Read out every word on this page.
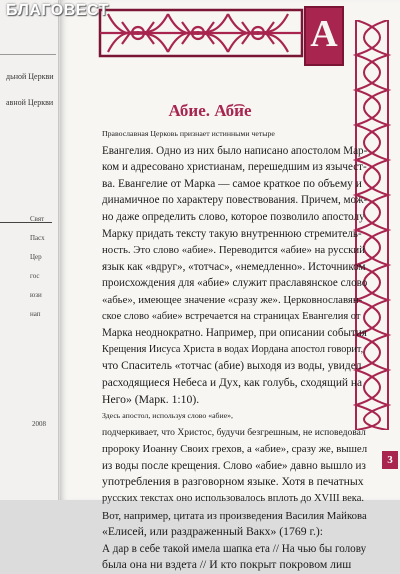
дьной Церкви
авной Церкви
Свят
Пасх
Цер
гос
юзи
нап
2008
А
Абие. Аб͡ие

Православная Церковь признает истинными четыре
Евангелия. Одно из них было написано апостолом Мар-
ком и адресовано христианам, перешедшим из язычест-
ва. Евангелие от Марка — самое краткое по объему и
динамичное по характеру повествования. Причем, мож-
но даже определить слово, которое позволило апостолу
Марку придать тексту такую внутреннюю стремитель-
ность. Это слово «абие». Переводится «абие» на русский
язык как «вдруг», «тотчас», «немедленно». Источником
происхождения для «абие» служит праславянское слово
«абье», имеющее значение «сразу же». Церковнославян-
ское слово «абие» встречается на страницах Евангелия от
Марка неоднократно. Например, при описании события
Крещения Иисуса Христа в водах Иордана апостол говорит,
что Спаситель «тотчас (абие) выходя из воды, увидел
расходящиеся Небеса и Дух, как голубь, сходящий на
Него» (Марк. 1:10).

Здесь апостол, используя слово «абие»,
подчеркивает, что Христос, будучи безгрешным, не исповедовал
пророку Иоанну Своих грехов, а «абие», сразу же, вышел
из воды после крещения. Слово «абие» давно вышло из
употребления в разговорном языке. Хотя в печатных
русских текстах оно использовалось вплоть до XVIII века.
Вот, например, цитата из произведения Василия Майкова
«Елисей, или раздраженный Вакх» (1769 г.):
А дар в себе такой имела шапка ета // На чью бы голову
была она ни вздета // И кто покрыт покровом лиш

3
БЛАГОВЕСТ
